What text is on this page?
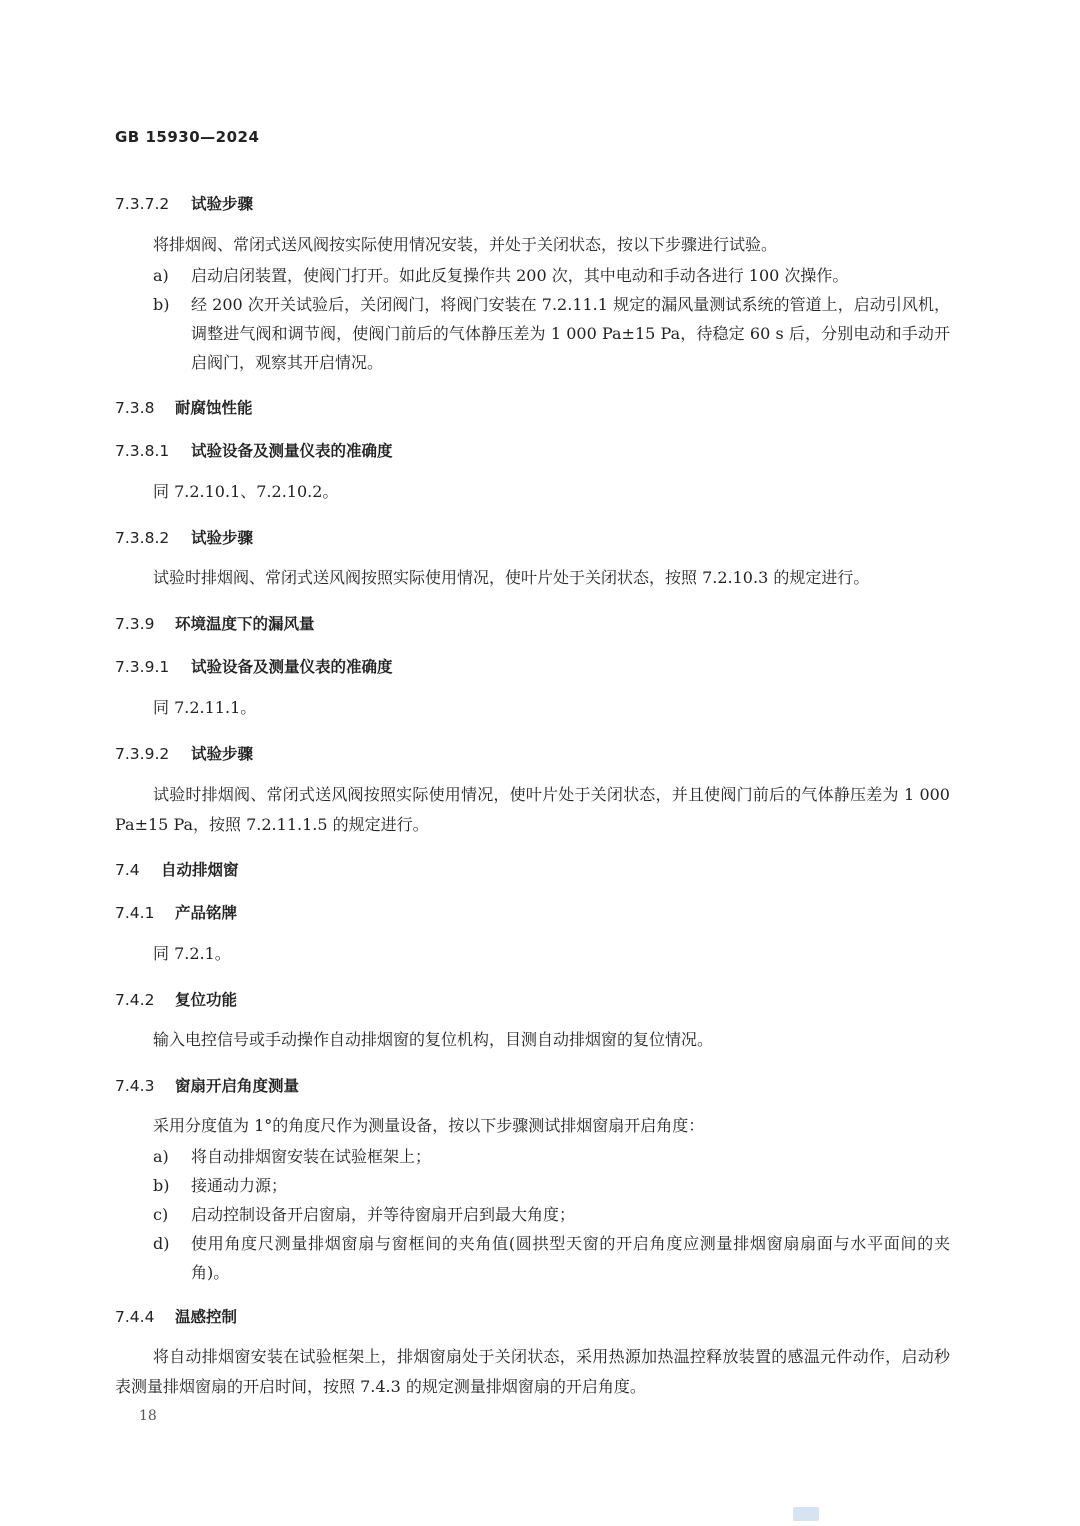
GB 15930—2024
7.3.7.2 试验步骤
将排烟阀、常闭式送风阀按实际使用情况安装，并处于关闭状态，按以下步骤进行试验。
a)	启动启闭装置，使阀门打开。如此反复操作共 200 次，其中电动和手动各进行 100 次操作。
b)	经 200 次开关试验后，关闭阀门，将阀门安装在 7.2.11.1 规定的漏风量测试系统的管道上，启动引风机，调整进气阀和调节阀，使阀门前后的气体静压差为 1 000 Pa±15 Pa，待稳定 60 s 后，分别电动和手动开启阀门，观察其开启情况。
7.3.8 耐腐蚀性能
7.3.8.1 试验设备及测量仪表的准确度
同 7.2.10.1、7.2.10.2。
7.3.8.2 试验步骤
试验时排烟阀、常闭式送风阀按照实际使用情况，使叶片处于关闭状态，按照 7.2.10.3 的规定进行。
7.3.9 环境温度下的漏风量
7.3.9.1 试验设备及测量仪表的准确度
同 7.2.11.1。
7.3.9.2 试验步骤
试验时排烟阀、常闭式送风阀按照实际使用情况，使叶片处于关闭状态，并且使阀门前后的气体静压差为 1 000 Pa±15 Pa，按照 7.2.11.1.5 的规定进行。
7.4 自动排烟窗
7.4.1 产品铭牌
同 7.2.1。
7.4.2 复位功能
输入电控信号或手动操作自动排烟窗的复位机构，目测自动排烟窗的复位情况。
7.4.3 窗扇开启角度测量
采用分度值为 1°的角度尺作为测量设备，按以下步骤测试排烟窗扇开启角度：
a)	将自动排烟窗安装在试验框架上；
b)	接通动力源；
c)	启动控制设备开启窗扇，并等待窗扇开启到最大角度；
d)	使用角度尺测量排烟窗扇与窗框间的夹角值(圆拱型天窗的开启角度应测量排烟窗扇扇面与水平面间的夹角)。
7.4.4 温感控制
将自动排烟窗安装在试验框架上，排烟窗扇处于关闭状态，采用热源加热温控释放装置的感温元件动作，启动秒表测量排烟窗扇的开启时间，按照 7.4.3 的规定测量排烟窗扇的开启角度。
18
